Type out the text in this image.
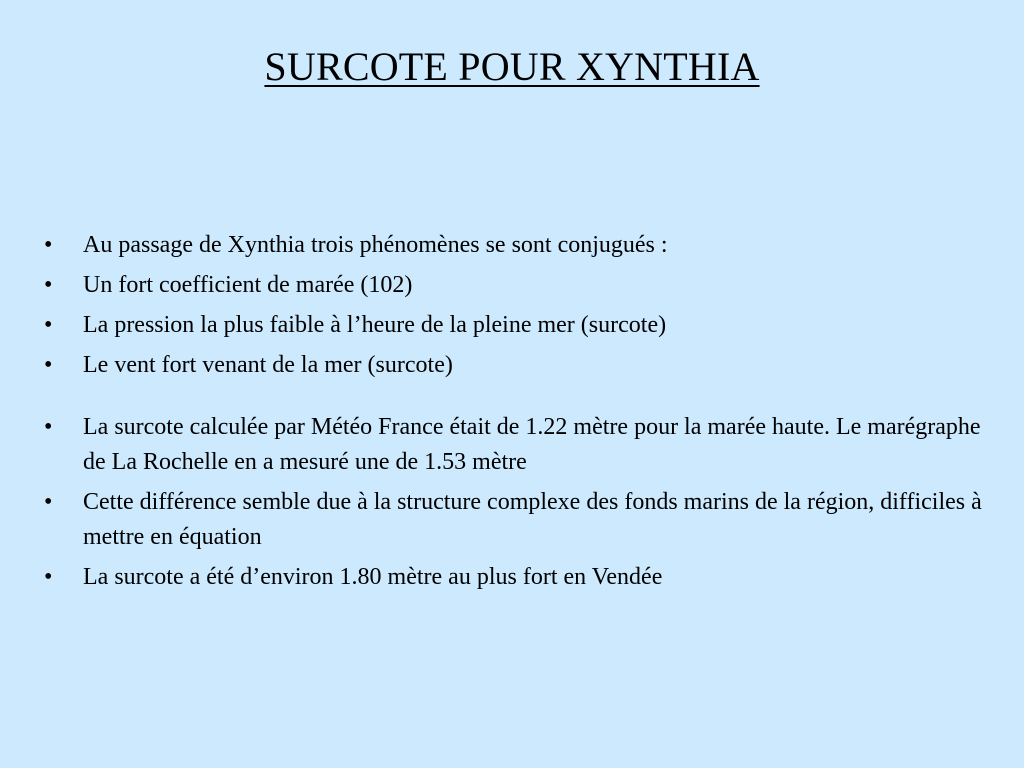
SURCOTE POUR XYNTHIA
•	Au passage de Xynthia trois phénomènes se sont conjugués :
•	Un fort coefficient de marée (102)
•	La pression la plus faible à l’heure de la pleine mer (surcote)
•	Le vent fort venant de la mer (surcote)
•	La surcote calculée par Météo France était de 1.22 mètre pour la marée haute. Le marégraphe de La Rochelle en a mesuré une de 1.53 mètre
•	Cette différence semble due à la structure complexe des fonds marins de la région, difficiles à mettre en équation
•	La surcote a été d’environ 1.80 mètre au plus fort en Vendée
